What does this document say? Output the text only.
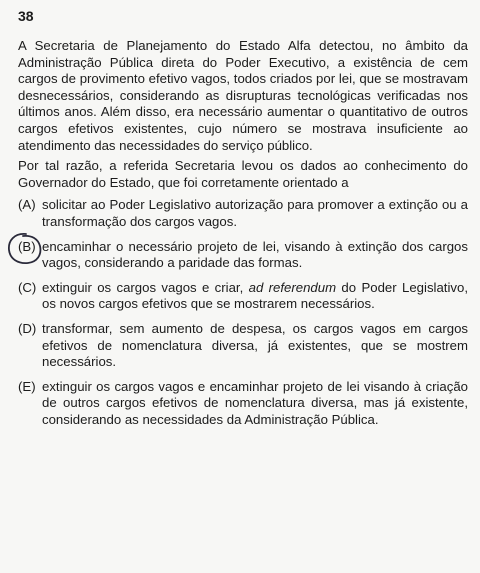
38

A Secretaria de Planejamento do Estado Alfa detectou, no âmbito da Administração Pública direta do Poder Executivo, a existência de cem cargos de provimento efetivo vagos, todos criados por lei, que se mostravam desnecessários, considerando as disrupturas tecnológicas verificadas nos últimos anos. Além disso, era necessário aumentar o quantitativo de outros cargos efetivos existentes, cujo número se mostrava insuficiente ao atendimento das necessidades do serviço público.

Por tal razão, a referida Secretaria levou os dados ao conhecimento do Governador do Estado, que foi corretamente orientado a

(A) solicitar ao Poder Legislativo autorização para promover a extinção ou a transformação dos cargos vagos.
(B) encaminhar o necessário projeto de lei, visando à extinção dos cargos vagos, considerando a paridade das formas.
(C) extinguir os cargos vagos e criar, ad referendum do Poder Legislativo, os novos cargos efetivos que se mostrarem necessários.
(D) transformar, sem aumento de despesa, os cargos vagos em cargos efetivos de nomenclatura diversa, já existentes, que se mostrem necessários.
(E) extinguir os cargos vagos e encaminhar projeto de lei visando à criação de outros cargos efetivos de nomenclatura diversa, mas já existente, considerando as necessidades da Administração Pública.
